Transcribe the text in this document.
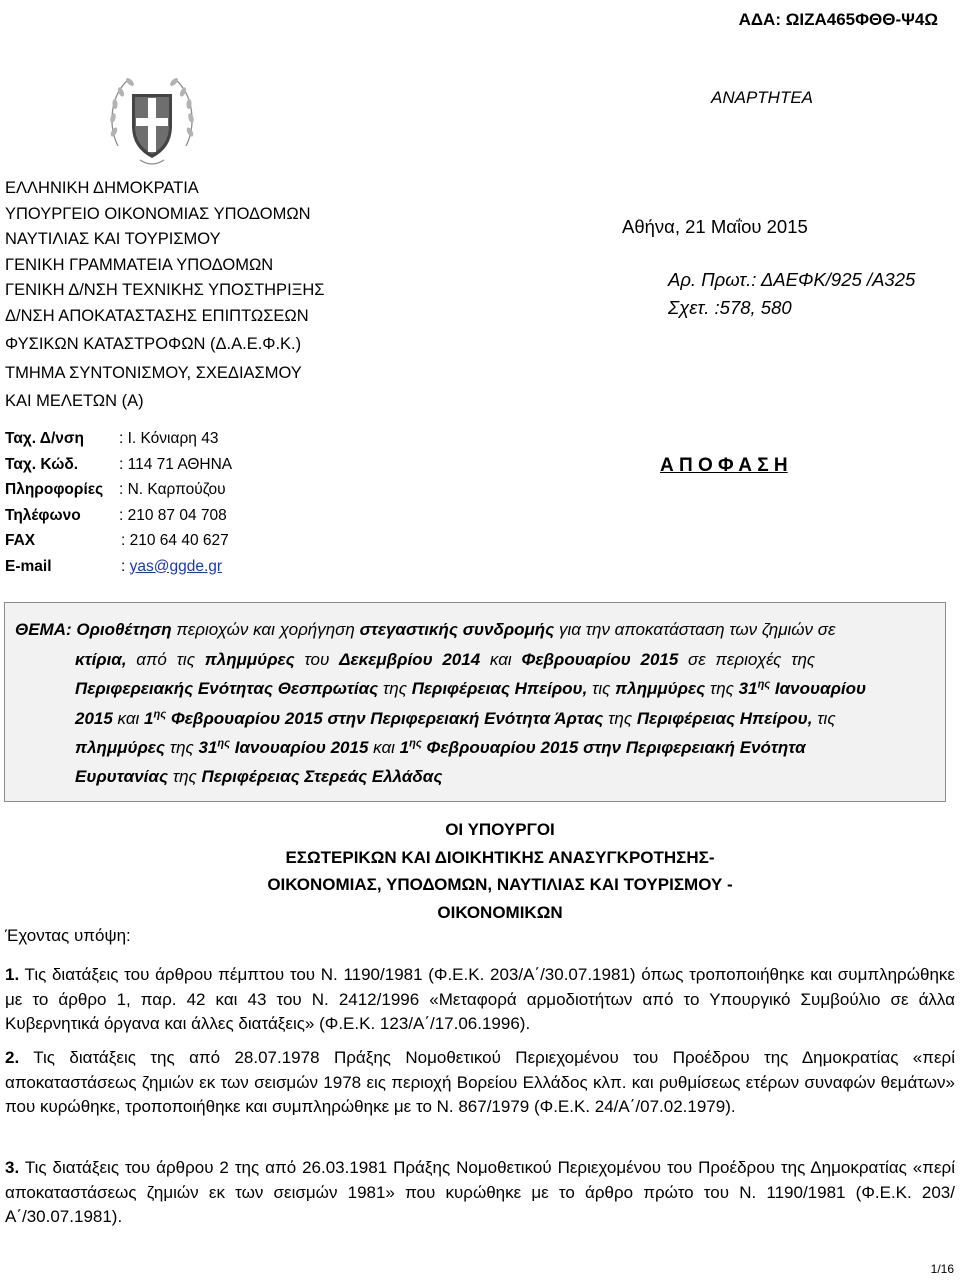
ΑΔΑ: ΩΙΖΑ465ΦΘΘ-Ψ4Ω
ΑΝΑΡΤΗΤΕΑ
ΕΛΛΗΝΙΚΗ ΔΗΜΟΚΡΑΤΙΑ
ΥΠΟΥΡΓΕΙΟ ΟΙΚΟΝΟΜΙΑΣ ΥΠΟΔΟΜΩΝ
ΝΑΥΤΙΛΙΑΣ ΚΑΙ ΤΟΥΡΙΣΜΟΥ
ΓΕΝΙΚΗ ΓΡΑΜΜΑΤΕΙΑ ΥΠΟΔΟΜΩΝ
ΓΕΝΙΚΗ Δ/ΝΣΗ ΤΕΧΝΙΚΗΣ ΥΠΟΣΤΗΡΙΞΗΣ
Δ/ΝΣΗ ΑΠΟΚΑΤΑΣΤΑΣΗΣ ΕΠΙΠΤΩΣΕΩΝ
ΦΥΣΙΚΩΝ ΚΑΤΑΣΤΡΟΦΩΝ (Δ.Α.Ε.Φ.Κ.)
ΤΜΗΜΑ ΣΥΝΤΟΝΙΣΜΟΥ, ΣΧΕΔΙΑΣΜΟΥ
ΚΑΙ ΜΕΛΕΤΩΝ (Α)
Αθήνα, 21 Μαΐου 2015
Αρ. Πρωτ.: ΔΑΕΦΚ/925 /Α325
Σχετ. :578, 580
Ταχ. Δ/νση : Ι. Κόνιαρη 43
Ταχ. Κώδ.	: 114 71 ΑΘΗΝΑ
Πληροφορίες : Ν. Καρπούζου
Τηλέφωνο : 210 87 04 708
FAX	: 210 64 40 627
E-mail	: yas@ggde.gr
Α Π Ο Φ Α Σ Η
ΘΕΜΑ: Οριοθέτηση περιοχών και χορήγηση στεγαστικής συνδρομής για την αποκατάσταση των ζημιών σε
κτίρια, από τις πλημμύρες του Δεκεμβρίου 2014 και Φεβρουαρίου 2015 σε περιοχές της
Περιφερειακής Ενότητας Θεσπρωτίας της Περιφέρειας Ηπείρου, τις πλημμύρες της $31^{\eta\varsigma}$ Ιανουαρίου
2015 και $1^{\eta\varsigma}$ Φεβρουαρίου 2015 στην Περιφερειακή Ενότητα Άρτας της Περιφέρειας Ηπείρου, τις
πλημμύρες της $31^{\eta\varsigma}$ Ιανουαρίου 2015 και $1^{\eta\varsigma}$ Φεβρουαρίου 2015 στην Περιφερειακή Ενότητα
Ευρυτανίας της Περιφέρειας Στερεάς Ελλάδας
ΟΙ ΥΠΟΥΡΓΟΙ
ΕΣΩΤΕΡΙΚΩΝ ΚΑΙ ΔΙΟΙΚΗΤΙΚΗΣ ΑΝΑΣΥΓΚΡΟΤΗΣΗΣ-
ΟΙΚΟΝΟΜΙΑΣ, ΥΠΟΔΟΜΩΝ, ΝΑΥΤΙΛΙΑΣ ΚΑΙ ΤΟΥΡΙΣΜΟΥ -
ΟΙΚΟΝΟΜΙΚΩΝ
Έχοντας υπόψη:

1. Τις διατάξεις του άρθρου πέμπτου του Ν. 1190/1981 (Φ.Ε.Κ. 203/Α΄/30.07.1981) όπως τροποποιήθηκε και συμπληρώθηκε με το άρθρο 1, παρ. 42 και 43 του Ν. 2412/1996 «Μεταφορά αρμοδιοτήτων από το Υπουργικό Συμβούλιο σε άλλα Κυβερνητικά όργανα και άλλες διατάξεις» (Φ.Ε.Κ. 123/Α΄/17.06.1996).

2. Τις διατάξεις της από 28.07.1978 Πράξης Νομοθετικού Περιεχομένου του Προέδρου της Δημοκρατίας «περί αποκαταστάσεως ζημιών εκ των σεισμών 1978 εις περιοχή Βορείου Ελλάδος κλπ. και ρυθμίσεως ετέρων συναφών θεμάτων» που κυρώθηκε, τροποποιήθηκε και συμπληρώθηκε με το Ν. 867/1979 (Φ.Ε.Κ. 24/Α΄/07.02.1979).

3. Τις διατάξεις του άρθρου 2 της από 26.03.1981 Πράξης Νομοθετικού Περιεχομένου του Προέδρου της Δημοκρατίας «περί αποκαταστάσεως ζημιών εκ των σεισμών 1981» που κυρώθηκε με το άρθρο πρώτο του Ν. 1190/1981 (Φ.Ε.Κ. 203/Α΄/30.07.1981).

1/16
